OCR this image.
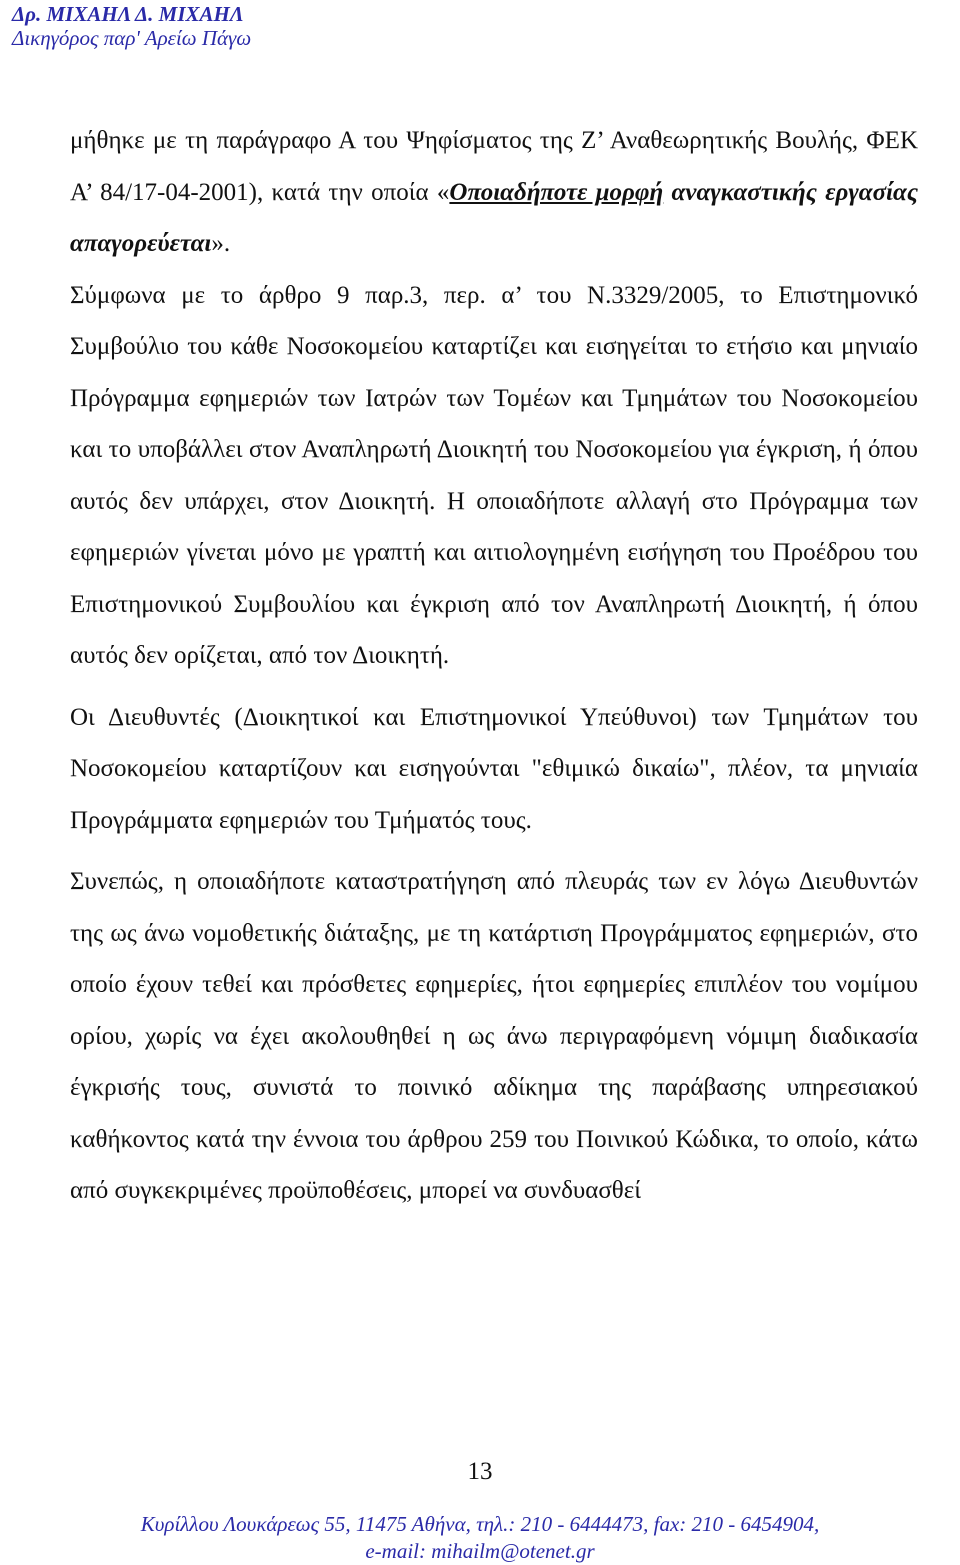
Δρ. ΜΙΧΑΗΛ Δ. ΜΙΧΑΗΛ
Δικηγόρος παρ' Αρείω Πάγω

μήθηκε με τη παράγραφο Α του Ψηφίσματος της Ζ’ Αναθεωρητικής Βουλής, ΦΕΚ Α’ 84/17-04-2001), κατά την οποία «Οποιαδήποτε μορφή αναγκαστικής εργασίας απαγορεύεται».

Σύμφωνα με το άρθρο 9 παρ.3, περ. α’ του Ν.3329/2005, το Επιστημονικό Συμβούλιο του κάθε Νοσοκομείου καταρτίζει και εισηγείται το ετήσιο και μηνιαίο Πρόγραμμα εφημεριών των Ιατρών των Τομέων και Τμημάτων του Νοσοκομείου και το υποβάλλει στον Αναπληρωτή Διοικητή του Νοσοκομείου για έγκριση, ή όπου αυτός δεν υπάρχει, στον Διοικητή. Η οποιαδήποτε αλλαγή στο Πρόγραμμα των εφημεριών γίνεται μόνο με γραπτή και αιτιολογημένη εισήγηση του Προέδρου του Επιστημονικού Συμβουλίου και έγκριση από τον Αναπληρωτή Διοικητή, ή όπου αυτός δεν ορίζεται, από τον Διοικητή.

Οι Διευθυντές (Διοικητικοί και Επιστημονικοί Υπεύθυνοι) των Τμημάτων του Νοσοκομείου καταρτίζουν και εισηγούνται "εθιμικώ δικαίω", πλέον, τα μηνιαία Προγράμματα εφημεριών του Τμήματός τους.

Συνεπώς, η οποιαδήποτε καταστρατήγηση από πλευράς των εν λόγω Διευθυντών της ως άνω νομοθετικής διάταξης, με τη κατάρτιση Προγράμματος εφημεριών, στο οποίο έχουν τεθεί και πρόσθετες εφημερίες, ήτοι εφημερίες επιπλέον του νομίμου ορίου, χωρίς να έχει ακολουθηθεί η ως άνω περιγραφόμενη νόμιμη διαδικασία έγκρισής τους, συνιστά το ποινικό αδίκημα της παράβασης υπηρεσιακού καθήκοντος κατά την έννοια του άρθρου 259 του Ποινικού Κώδικα, το οποίο, κάτω από συγκεκριμένες προϋποθέσεις, μπορεί να συνδυασθεί

13
Κυρίλλου Λουκάρεως 55, 11475 Αθήνα, τηλ.: 210 - 6444473, fax: 210 - 6454904,
e-mail: mihailm@otenet.gr
